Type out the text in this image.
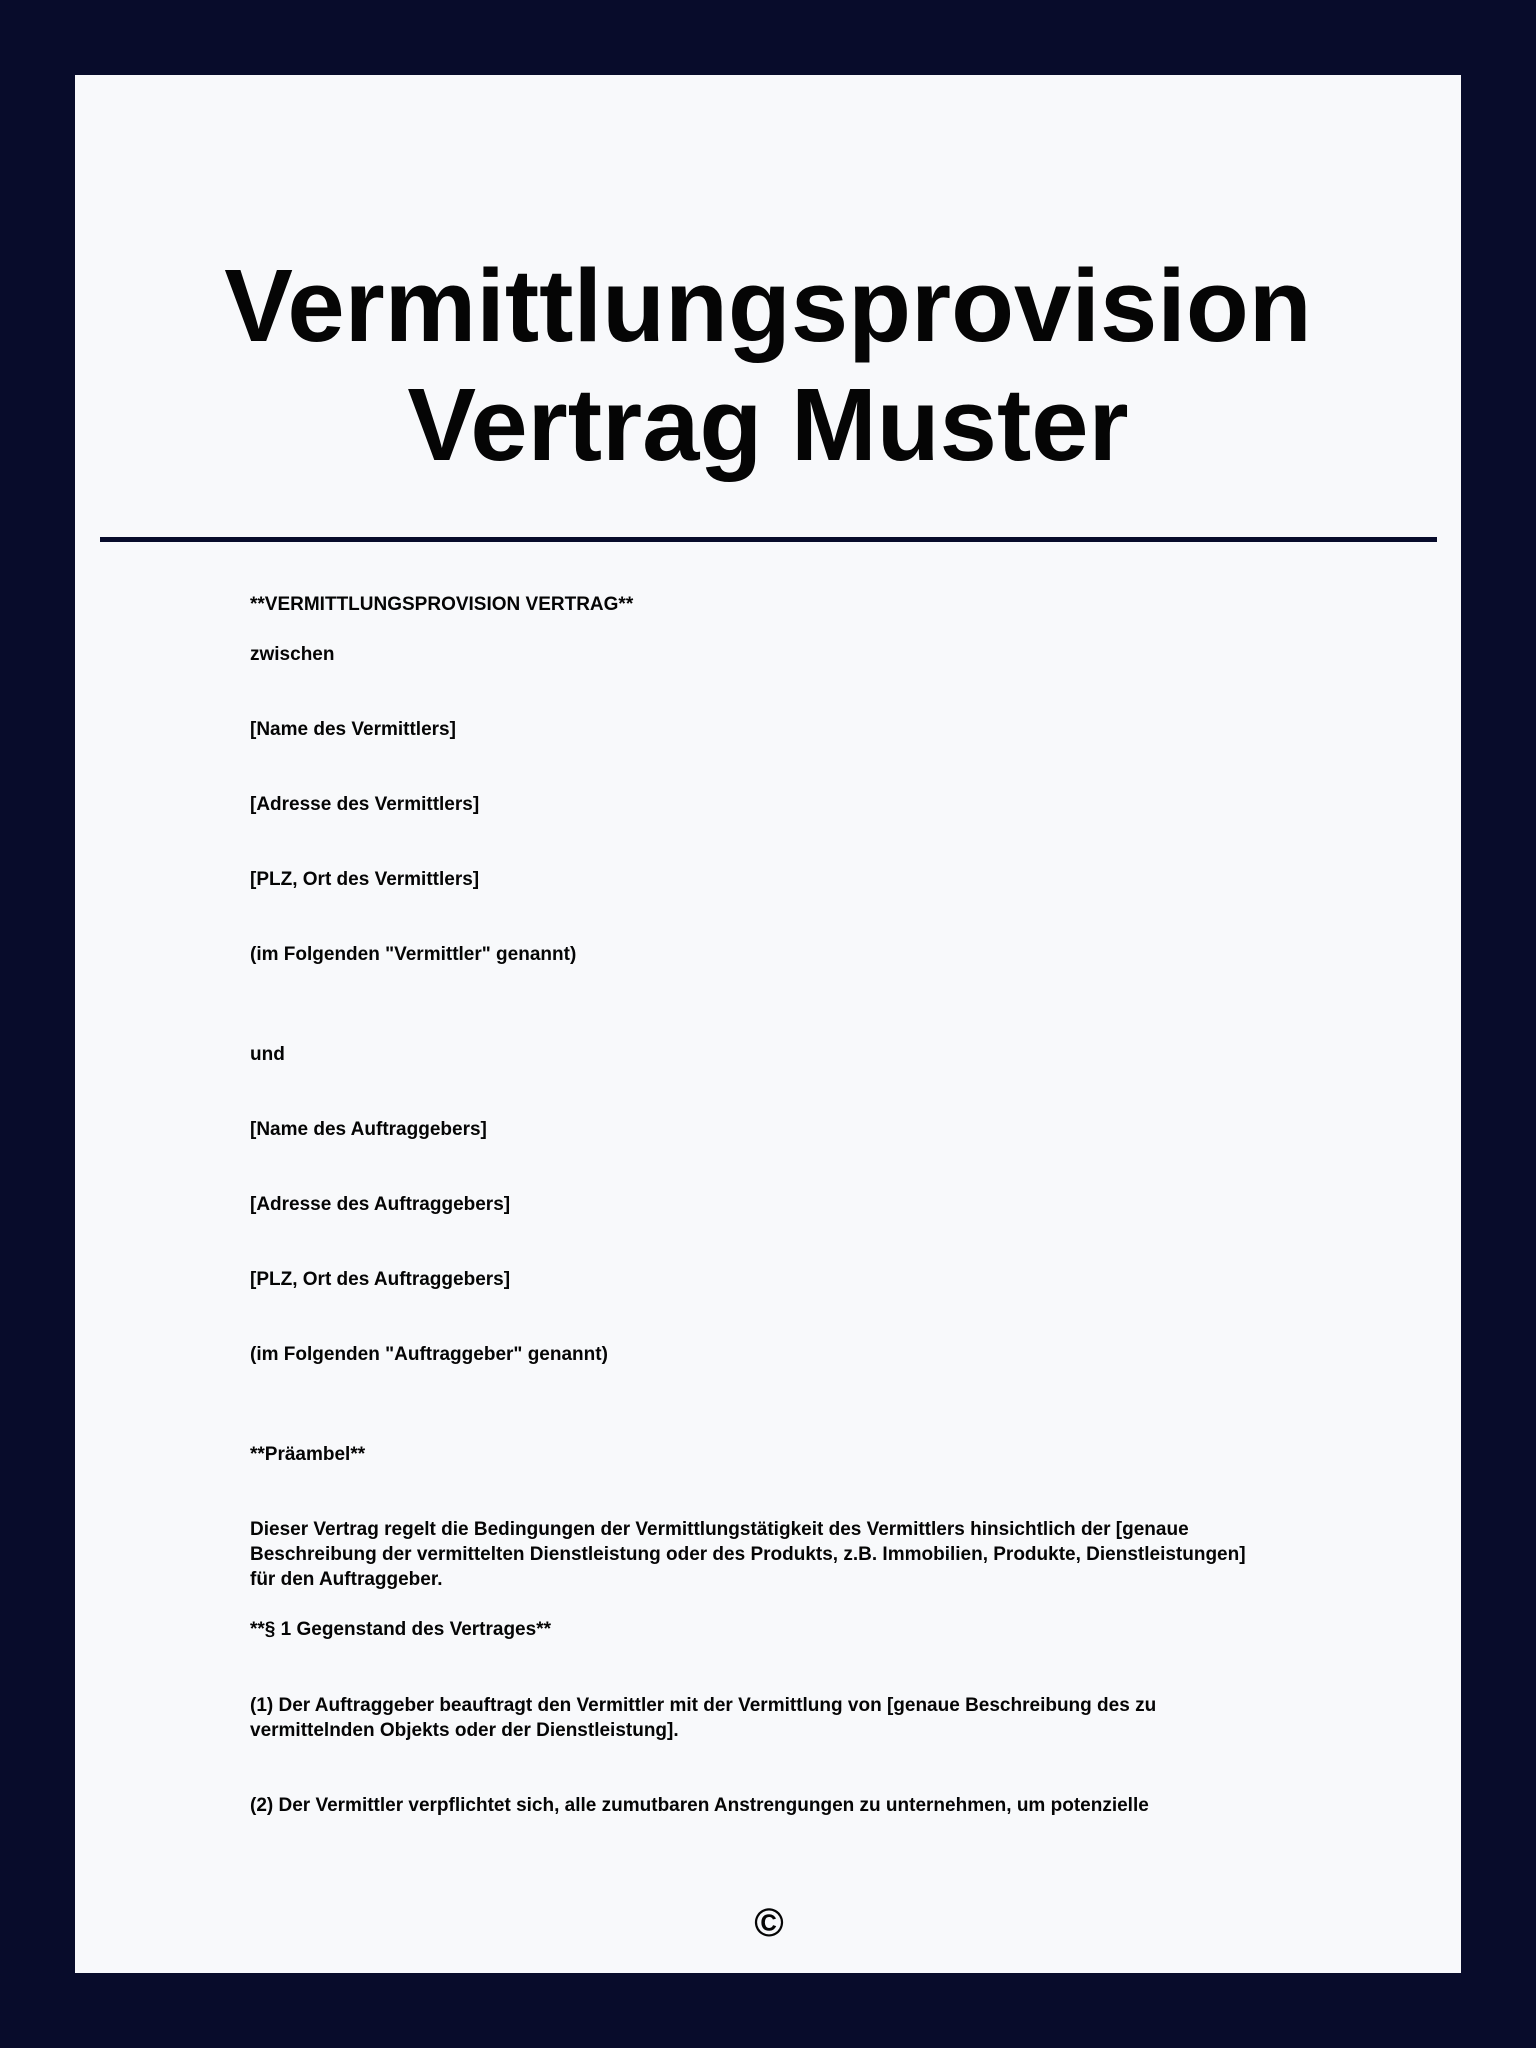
Vermittlungsprovision
Vertrag Muster

**VERMITTLUNGSPROVISION VERTRAG**

zwischen

[Name des Vermittlers]

[Adresse des Vermittlers]

[PLZ, Ort des Vermittlers]

(im Folgenden "Vermittler" genannt)

und

[Name des Auftraggebers]

[Adresse des Auftraggebers]

[PLZ, Ort des Auftraggebers]

(im Folgenden "Auftraggeber" genannt)

**Präambel**

Dieser Vertrag regelt die Bedingungen der Vermittlungstätigkeit des Vermittlers hinsichtlich der [genaue Beschreibung der vermittelten Dienstleistung oder des Produkts, z.B. Immobilien, Produkte, Dienstleistungen] für den Auftraggeber.

**§ 1 Gegenstand des Vertrages**

(1) Der Auftraggeber beauftragt den Vermittler mit der Vermittlung von [genaue Beschreibung des zu vermittelnden Objekts oder der Dienstleistung].

(2) Der Vermittler verpflichtet sich, alle zumutbaren Anstrengungen zu unternehmen, um potenzielle

©
